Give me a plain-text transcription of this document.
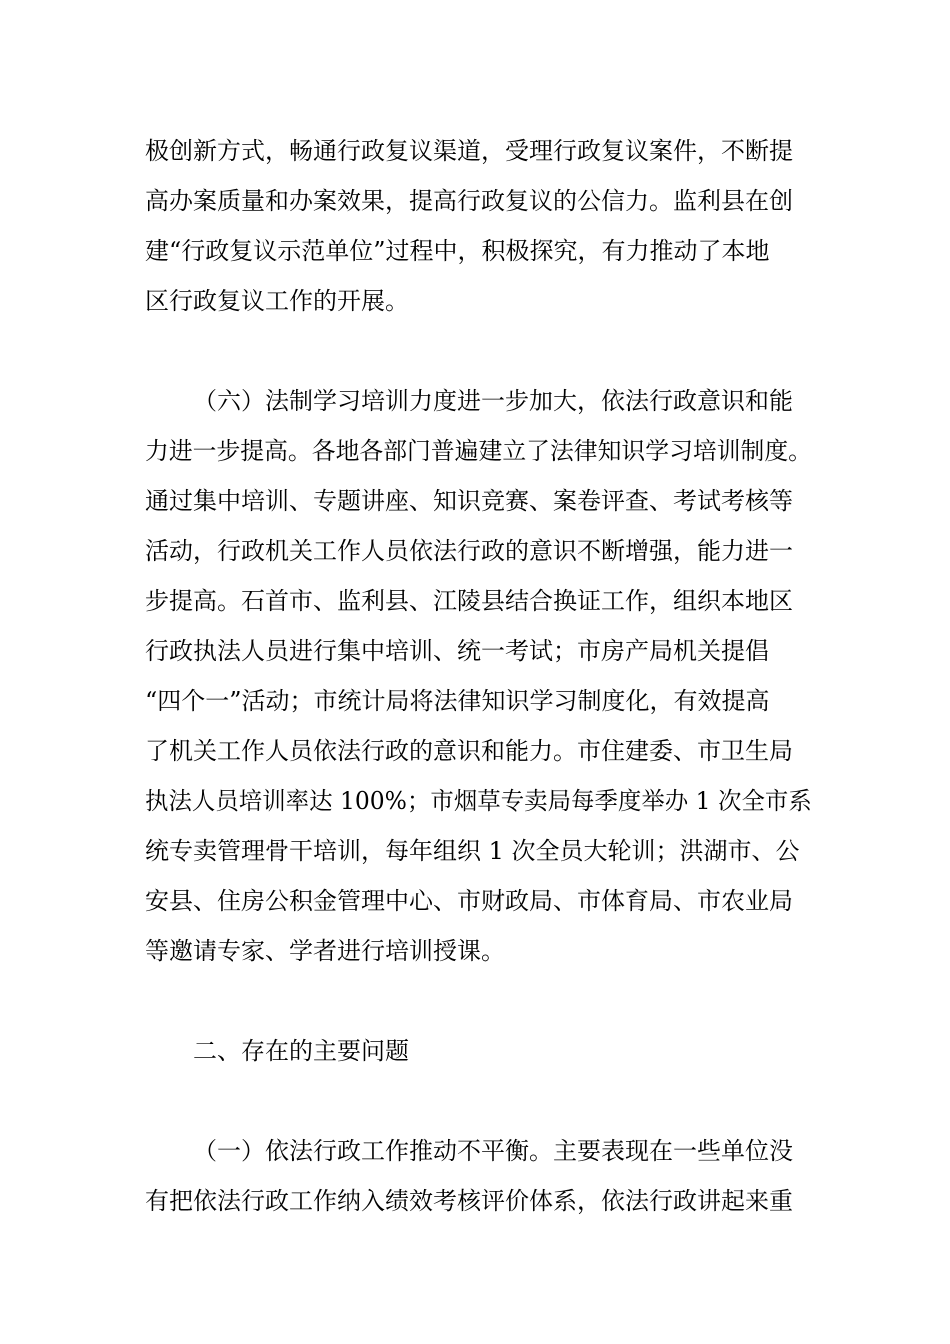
极创新方式，畅通行政复议渠道，受理行政复议案件，不断提
高办案质量和办案效果，提高行政复议的公信力。监利县在创
建“行政复议示范单位”过程中，积极探究，有力推动了本地
区行政复议工作的开展。
（六）法制学习培训力度进一步加大，依法行政意识和能
力进一步提高。各地各部门普遍建立了法律知识学习培训制度。
通过集中培训、专题讲座、知识竞赛、案卷评查、考试考核等
活动，行政机关工作人员依法行政的意识不断增强，能力进一
步提高。石首市、监利县、江陵县结合换证工作，组织本地区
行政执法人员进行集中培训、统一考试；市房产局机关提倡
“四个一”活动；市统计局将法律知识学习制度化，有效提高
了机关工作人员依法行政的意识和能力。市住建委、市卫生局
执法人员培训率达 100%；市烟草专卖局每季度举办 1 次全市系
统专卖管理骨干培训，每年组织 1 次全员大轮训；洪湖市、公
安县、住房公积金管理中心、市财政局、市体育局、市农业局
等邀请专家、学者进行培训授课。
二、存在的主要问题
（一）依法行政工作推动不平衡。主要表现在一些单位没
有把依法行政工作纳入绩效考核评价体系，依法行政讲起来重
